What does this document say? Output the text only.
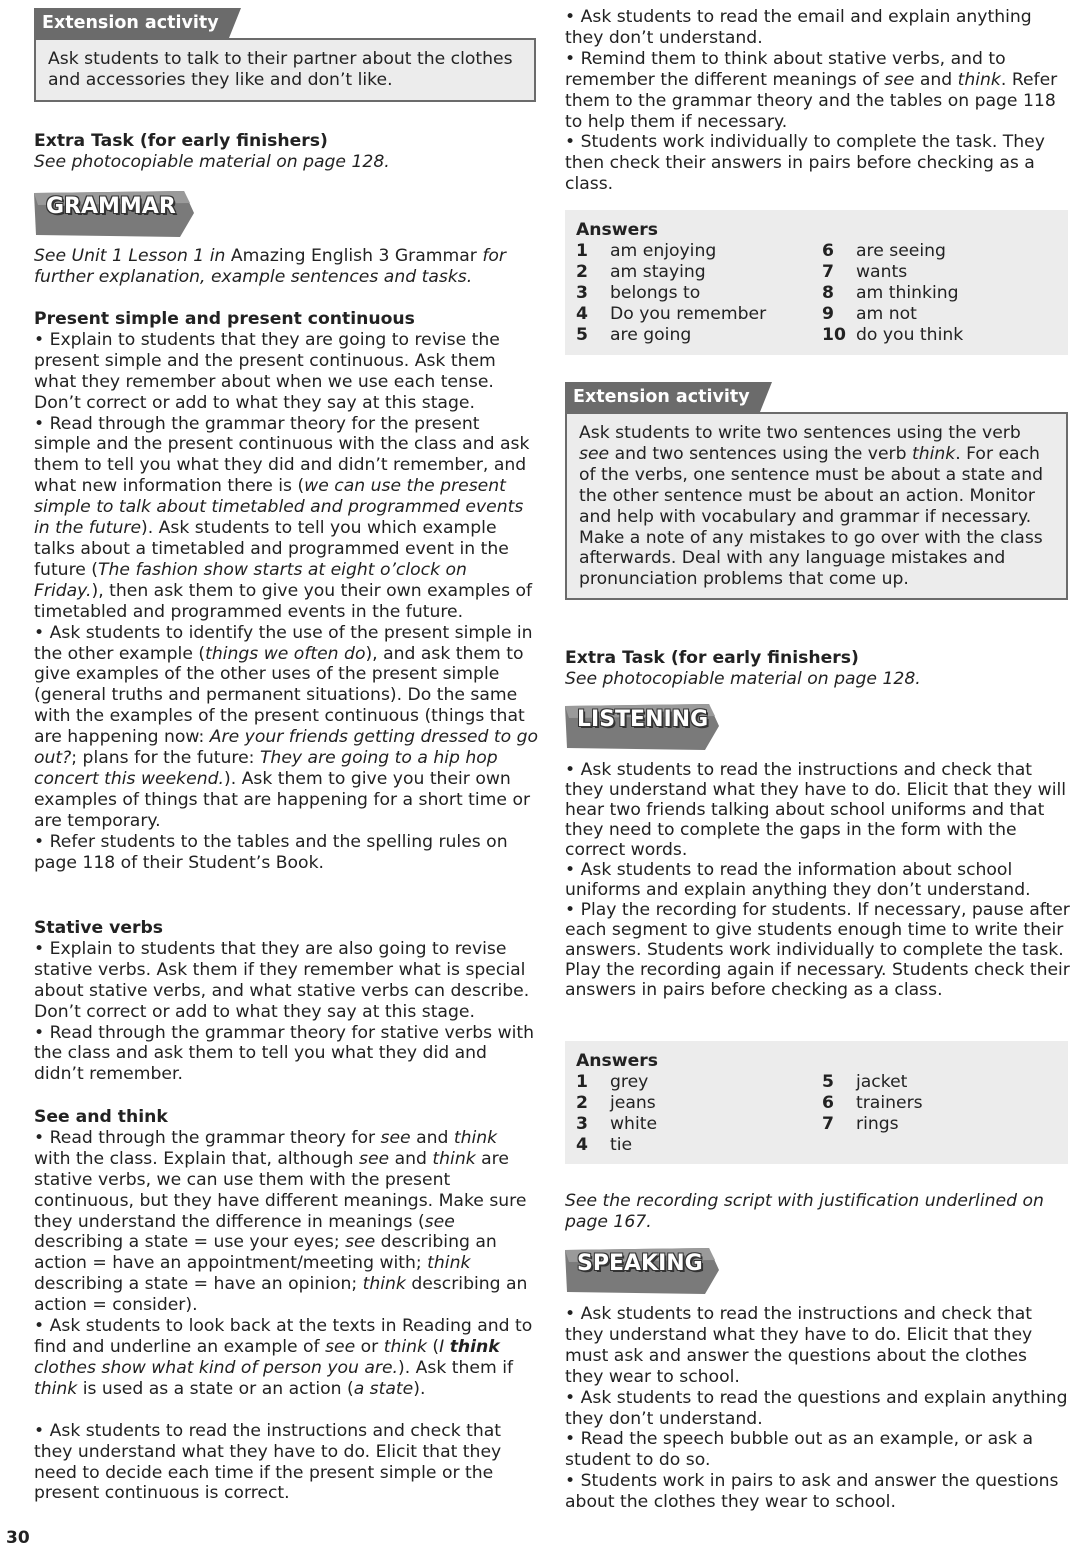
Extension activity

Ask students to talk to their partner about the clothes and accessories they like and don’t like.

Extra Task (for early finishers)

See photocopiable material on page 128.

GRAMMAR

See Unit 1 Lesson 1 in Amazing English 3 Grammar for further explanation, example sentences and tasks.

Present simple and present continuous

• Explain to students that they are going to revise the present simple and the present continuous. Ask them what they remember about when we use each tense. Don’t correct or add to what they say at this stage.

• Read through the grammar theory for the present simple and the present continuous with the class and ask them to tell you what they did and didn’t remember, and what new information there is (we can use the present simple to talk about timetabled and programmed events in the future). Ask students to tell you which example talks about a timetabled and programmed event in the future (The fashion show starts at eight o’clock on Friday.), then ask them to give you their own examples of timetabled and programmed events in the future.

• Ask students to identify the use of the present simple in the other example (things we often do), and ask them to give examples of the other uses of the present simple (general truths and permanent situations). Do the same with the examples of the present continuous (things that are happening now: Are your friends getting dressed to go out?; plans for the future: They are going to a hip hop concert this weekend.). Ask them to give you their own examples of things that are happening for a short time or are temporary.

• Refer students to the tables and the spelling rules on page 118 of their Student’s Book.

Stative verbs

• Explain to students that they are also going to revise stative verbs. Ask them if they remember what is special about stative verbs, and what stative verbs can describe. Don’t correct or add to what they say at this stage.

• Read through the grammar theory for stative verbs with the class and ask them to tell you what they did and didn’t remember.

See and think

• Read through the grammar theory for see and think with the class. Explain that, although see and think are stative verbs, we can use them with the present continuous, but they have different meanings. Make sure they understand the difference in meanings (see describing a state = use your eyes; see describing an action = have an appointment/meeting with; think describing a state = have an opinion; think describing an action = consider).

• Ask students to look back at the texts in Reading and to find and underline an example of see or think (I think clothes show what kind of person you are.). Ask them if think is used as a state or an action (a state).

• Ask students to read the instructions and check that they understand what they have to do. Elicit that they need to decide each time if the present simple or the present continuous is correct.

• Ask students to read the email and explain anything they don’t understand.

• Remind them to think about stative verbs, and to remember the different meanings of see and think. Refer them to the grammar theory and the tables on page 118 to help them if necessary.

• Students work individually to complete the task. They then check their answers in pairs before checking as a class.

Answers

1	am enjoying	6	are seeing
2	am staying	7	wants
3	belongs to	8	am thinking
4	Do you remember	9	am not
5	are going	10 do you think
Extension activity

Ask students to write two sentences using the verb see and two sentences using the verb think. For each of the verbs, one sentence must be about a state and the other sentence must be about an action. Monitor and help with vocabulary and grammar if necessary. Make a note of any mistakes to go over with the class afterwards. Deal with any language mistakes and pronunciation problems that come up.

Extra Task (for early finishers)

See photocopiable material on page 128.

LISTENING

• Ask students to read the instructions and check that they understand what they have to do. Elicit that they will hear two friends talking about school uniforms and that they need to complete the gaps in the form with the correct words.

• Ask students to read the information about school uniforms and explain anything they don’t understand.

• Play the recording for students. If necessary, pause after each segment to give students enough time to write their answers. Students work individually to complete the task. Play the recording again if necessary. Students check their answers in pairs before checking as a class.

Answers

1	grey	5	jacket
2	jeans	6	trainers
3	white	7	rings
4	tie

See the recording script with justification underlined on page 167.

SPEAKING

• Ask students to read the instructions and check that they understand what they have to do. Elicit that they must ask and answer the questions about the clothes they wear to school.

• Ask students to read the questions and explain anything they don’t understand.

• Read the speech bubble out as an example, or ask a student to do so.

• Students work in pairs to ask and answer the questions about the clothes they wear to school.

30
